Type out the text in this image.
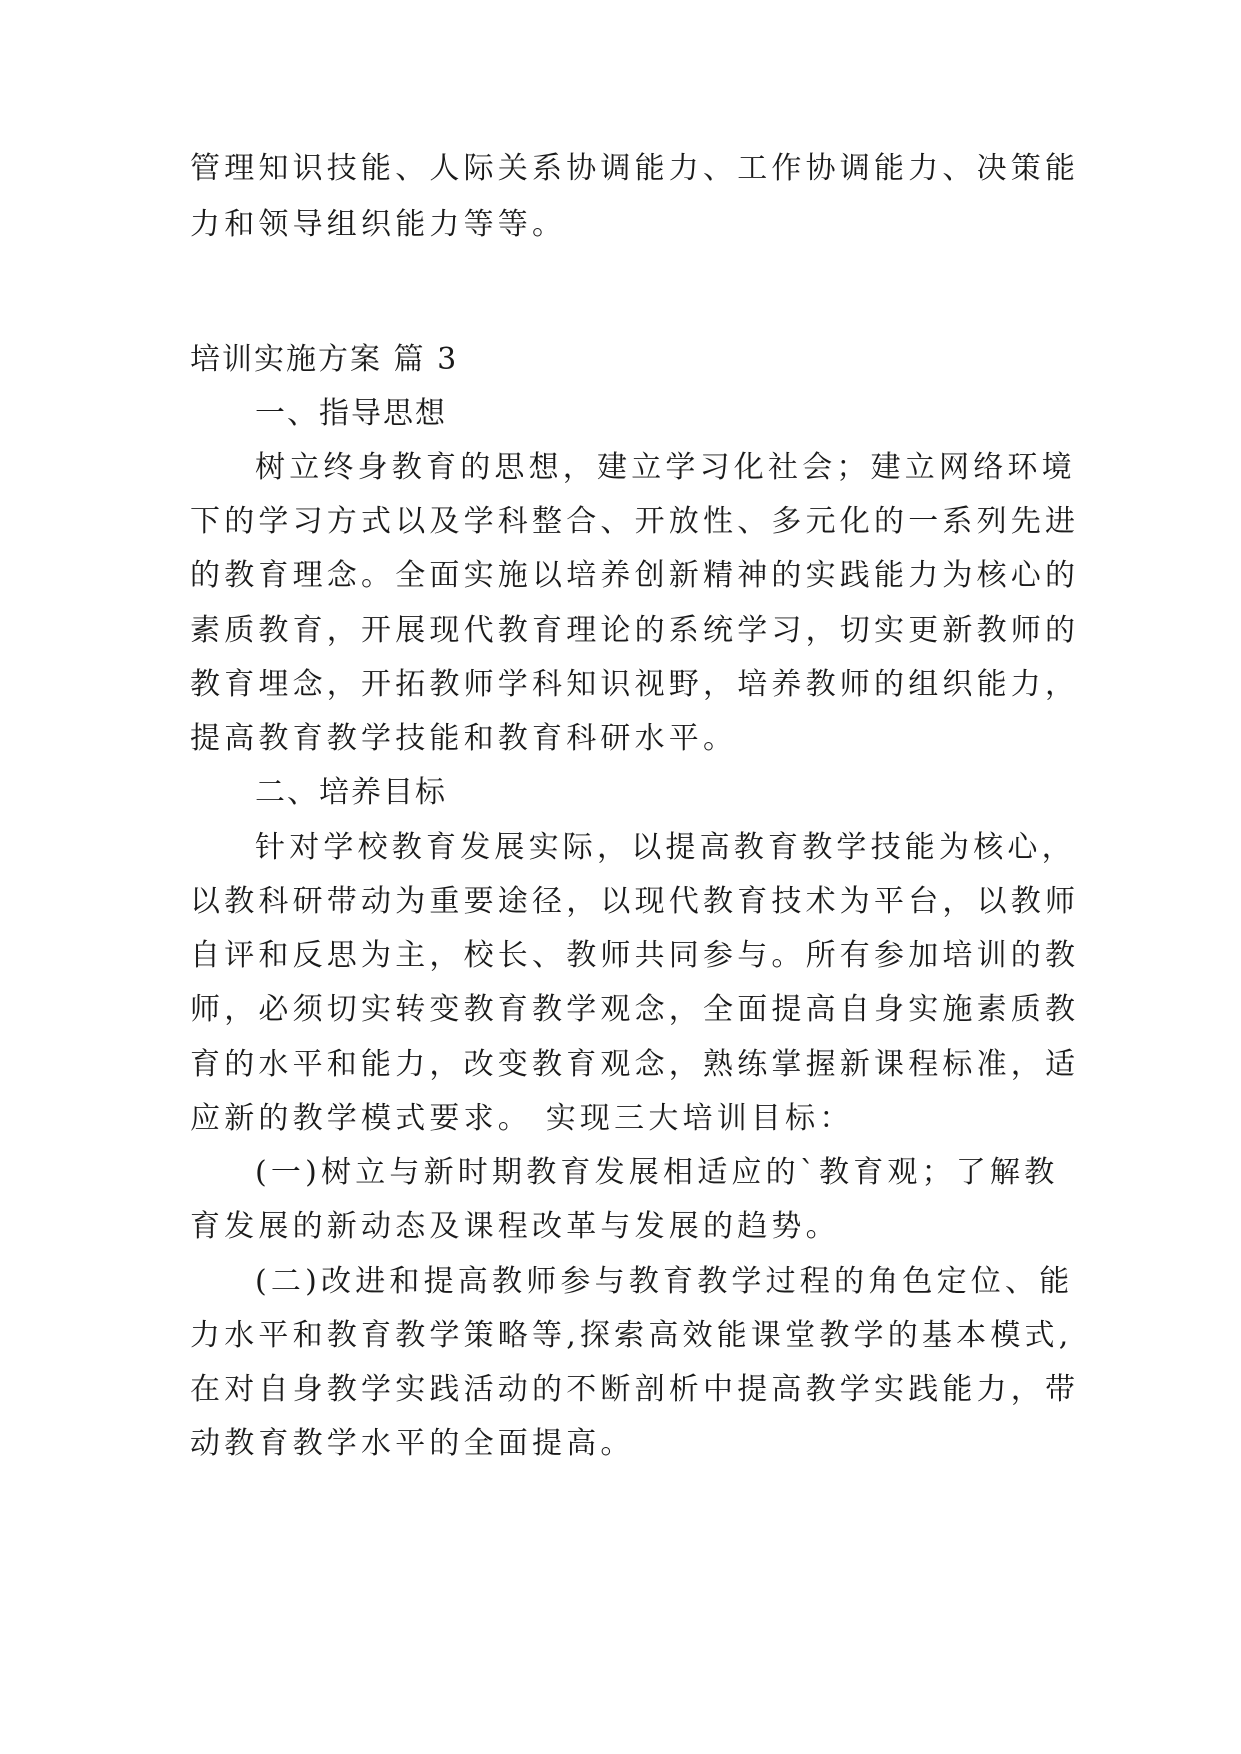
管理知识技能、人际关系协调能力、工作协调能力、决策能
力和领导组织能力等等。
培训实施方案 篇 3
一、指导思想
树立终身教育的思想，建立学习化社会；建立网络环境
下的学习方式以及学科整合、开放性、多元化的一系列先进
的教育理念。全面实施以培养创新精神的实践能力为核心的
素质教育，开展现代教育理论的系统学习，切实更新教师的
教育埋念，开拓教师学科知识视野，培养教师的组织能力，
提高教育教学技能和教育科研水平。
二、培养目标
针对学校教育发展实际，以提高教育教学技能为核心，
以教科研带动为重要途径，以现代教育技术为平台，以教师
自评和反思为主，校长、教师共同参与。所有参加培训的教
师，必须切实转变教育教学观念，全面提高自身实施素质教
育的水平和能力，改变教育观念，熟练掌握新课程标准，适
应新的教学模式要求。 实现三大培训目标：
(一)树立与新时期教育发展相适应的`教育观；了解教
育发展的新动态及课程改革与发展的趋势。
(二)改进和提高教师参与教育教学过程的角色定位、能
力水平和教育教学策略等,探索高效能课堂教学的基本模式,
在对自身教学实践活动的不断剖析中提高教学实践能力，带
动教育教学水平的全面提高。
